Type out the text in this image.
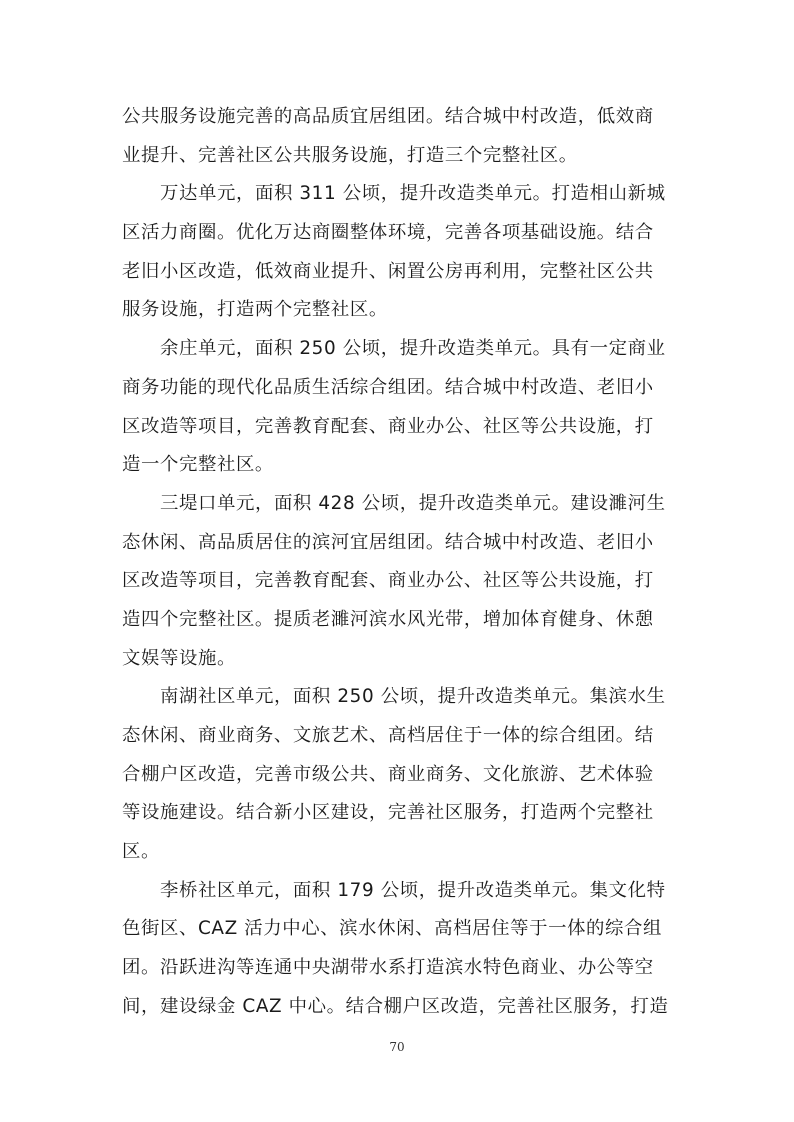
公共服务设施完善的高品质宜居组团。结合城中村改造，低效商
业提升、完善社区公共服务设施，打造三个完整社区。
万达单元，面积 311 公顷，提升改造类单元。打造相山新城
区活力商圈。优化万达商圈整体环境，完善各项基础设施。结合
老旧小区改造，低效商业提升、闲置公房再利用，完整社区公共
服务设施，打造两个完整社区。
余庄单元，面积 250 公顷，提升改造类单元。具有一定商业
商务功能的现代化品质生活综合组团。结合城中村改造、老旧小
区改造等项目，完善教育配套、商业办公、社区等公共设施，打
造一个完整社区。
三堤口单元，面积 428 公顷，提升改造类单元。建设濉河生
态休闲、高品质居住的滨河宜居组团。结合城中村改造、老旧小
区改造等项目，完善教育配套、商业办公、社区等公共设施，打
造四个完整社区。提质老濉河滨水风光带，增加体育健身、休憩
文娱等设施。
南湖社区单元，面积 250 公顷，提升改造类单元。集滨水生
态休闲、商业商务、文旅艺术、高档居住于一体的综合组团。结
合棚户区改造，完善市级公共、商业商务、文化旅游、艺术体验
等设施建设。结合新小区建设，完善社区服务，打造两个完整社
区。
李桥社区单元，面积 179 公顷，提升改造类单元。集文化特
色街区、CAZ 活力中心、滨水休闲、高档居住等于一体的综合组
团。沿跃进沟等连通中央湖带水系打造滨水特色商业、办公等空
间，建设绿金 CAZ 中心。结合棚户区改造，完善社区服务，打造
70
